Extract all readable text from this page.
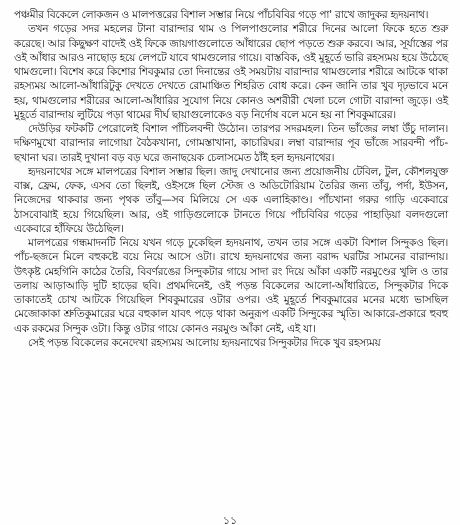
পঞ্চমীর বিকেলে লোকজন ও মালপত্তরের বিশাল সম্ভার নিয়ে পাঁচবিবির গড়ে পা' রাখে জাদুকর হৃদয়নাথ।

তখন গড়ের সদর মহলের টানা বারান্দার থাম ও পিলপাগুলোর শরীরে দিনের আলো ফিকে হতে শুরু করেছে। আর কিছুক্ষণ বাদেই ওই ফিকে জায়গাগুলোতে আঁধারের ছোপ পড়তে শুরু করবে। আর, সূর্যাস্তের পর ওই আঁধার আরও নাছোড় হয়ে লেপটে যাবে থামগুলোর গায়ে। বাস্তবিক, ওই মুহূর্তে ভারি রহস্যময় হয়ে উঠেছে থামগুলো। বিশেষ করে কিশোর শিবকুমার তো দিনান্তের ওই সময়টায় বারান্দার থামগুলোর শরীরে আটকে থাকা রহস্যময় আলো-আঁধারিটুকু দেখতে দেখতে রোমাঞ্চিত শিহরিত বোধ করে। কেন জানি তার খুব দৃঢ়ভাবে মনে হয়, থামগুলোর শরীরের আলো-আঁধারির সুযোগ নিয়ে কোনও অশরীরী খেলা চলে গোটা বারান্দা জুড়ে। ওই মুহূর্তে বারান্দায় লুটিয়ে পড়া থামের দীর্ঘ ছায়াগুলোকেও বড় নির্দোষ বলে মনে হয় না শিবকুমারের।

দেউড়ির ফটকটি পেরোলেই বিশাল পাঁচিলবন্দী উঠোন। তারপর সদরমহল। তিন ভাঁজের লম্বা উঁচু দালান। দক্ষিণমুখো বারান্দার লাগোয়া বৈঠকখানা, গোমস্তাখানা, কাচারিঘর। লম্বা বারান্দার পূব ভাঁজে সারবন্দী পাঁচ-ছখানা ঘর। তারই দুখানা বড় বড় ঘরে জনাছয়েক চেলাসমেত ঠাঁই হল হৃদয়নাথের।

হৃদয়নাথের সঙ্গে মালপত্রের বিশাল সম্ভার ছিল। জাদু দেখানোর জন্য প্রয়োজনীয় টেবিল, টুল, কৌশলযুক্ত বাক্স, ফ্রেম, ফেক, এসব তো ছিলই, ওইসঙ্গে ছিল স্টেজ ও অডিটোরিয়াম তৈরির জন্য তাঁবু, পর্দা, ইউসন, নিজেদের থাকবার জন্য পৃথক তাঁবু—সব মিলিয়ে সে এক এলাহিকাণ্ড। পাঁচখানা গরুর গাড়ি একেবারে ঠাসবোঝাই হয়ে গিয়েছিল। আর, ওই গাড়িগুলোকে টানতে গিয়ে পাঁচবিবির গড়ের পাহাড়িয়া বলদগুলো একেবারে হাঁফিয়ে উঠেছিল।

মালপত্রের গন্ধমাদনটি নিয়ে যখন গড়ে ঢুকেছিল হৃদয়নাথ, তখন তার সঙ্গে একটা বিশাল সিন্দুকও ছিল। পাঁচ-ছজনে মিলে বহুকষ্টে বয়ে নিয়ে আসে ওটা। রাখে হৃদয়নাথের জন্য বরাদ্দ ঘরটির সামনের বারান্দায়। উৎকৃষ্ট মেহগিনি কাঠের তৈরি, বিবর্ণরঙের সিন্দুকটার গায়ে সাদা রং দিয়ে আঁকা একটি নরমুণ্ডের খুলি ও তার তলায় আড়াআড়ি দুটি হাড়ের ছবি। প্রথমদিনেই, ওই পড়ন্ত বিকেলের আলো-আঁধারিতে, সিন্দুকটার দিকে তাকাতেই চোখ আটকে গিয়েছিল শিবকুমারের ওটার ওপর। ওই মুহূর্তে শিবকুমারের মনের মধ্যে ভাসছিল মেজোকাকা শ্রুতিকুমারের ঘরে বহুকাল যাবৎ পড়ে থাকা অনুরূপ একটি সিন্দুকের স্মৃতি। আকারে-প্রকারে হুবহু এক রকমের সিন্দুক ওটা। কিন্তু ওটার গায়ে কোনও নরমুণ্ড আঁকা নেই, এই যা।

সেই পড়ন্ত বিকেলের কনেদেখা রহস্যময় আলোয় হৃদয়নাথের সিন্দুকটার দিকে খুব রহস্যময়

১১
